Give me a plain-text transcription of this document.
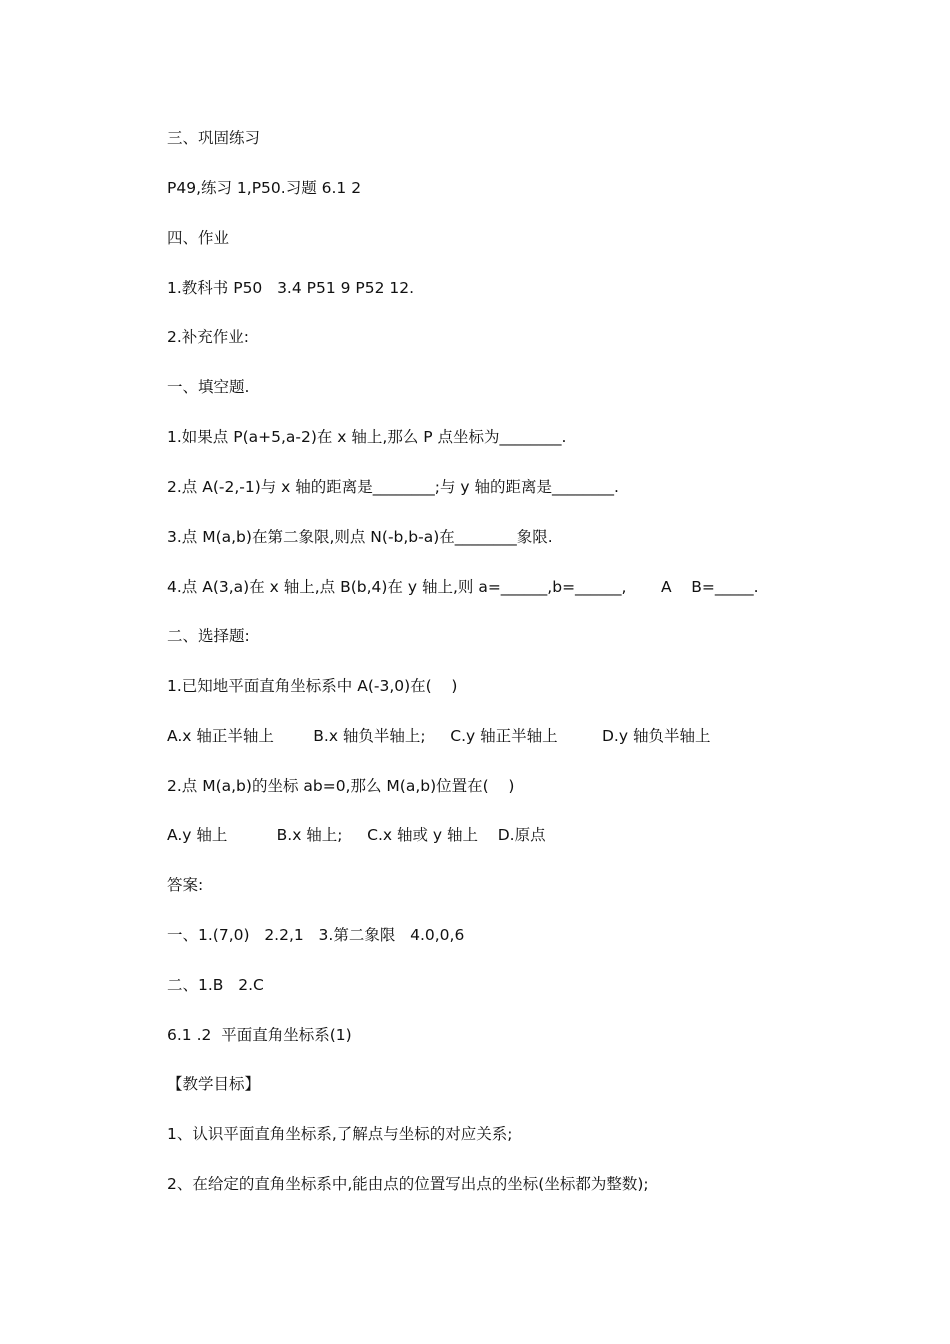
三、巩固练习
P49,练习 1,P50.习题 6.1 2
四、作业
1.教科书 P50   3.4 P51 9 P52 12.
2.补充作业:
一、填空题.
1.如果点 P(a+5,a-2)在 x 轴上,那么 P 点坐标为________.
2.点 A(-2,-1)与 x 轴的距离是________;与 y 轴的距离是________.
3.点 M(a,b)在第二象限,则点 N(-b,b-a)在________象限.
4.点 A(3,a)在 x 轴上,点 B(b,4)在 y 轴上,则 a=______,b=______,       A    B=_____.
二、选择题:
1.已知地平面直角坐标系中 A(-3,0)在(    )
A.x 轴正半轴上        B.x 轴负半轴上;     C.y 轴正半轴上         D.y 轴负半轴上
2.点 M(a,b)的坐标 ab=0,那么 M(a,b)位置在(    )
A.y 轴上          B.x 轴上;     C.x 轴或 y 轴上    D.原点
答案:
一、1.(7,0)   2.2,1   3.第二象限   4.0,0,6
二、1.B   2.C
6.1 .2  平面直角坐标系(1)
【教学目标】
1、认识平面直角坐标系,了解点与坐标的对应关系;
2、在给定的直角坐标系中,能由点的位置写出点的坐标(坐标都为整数);
